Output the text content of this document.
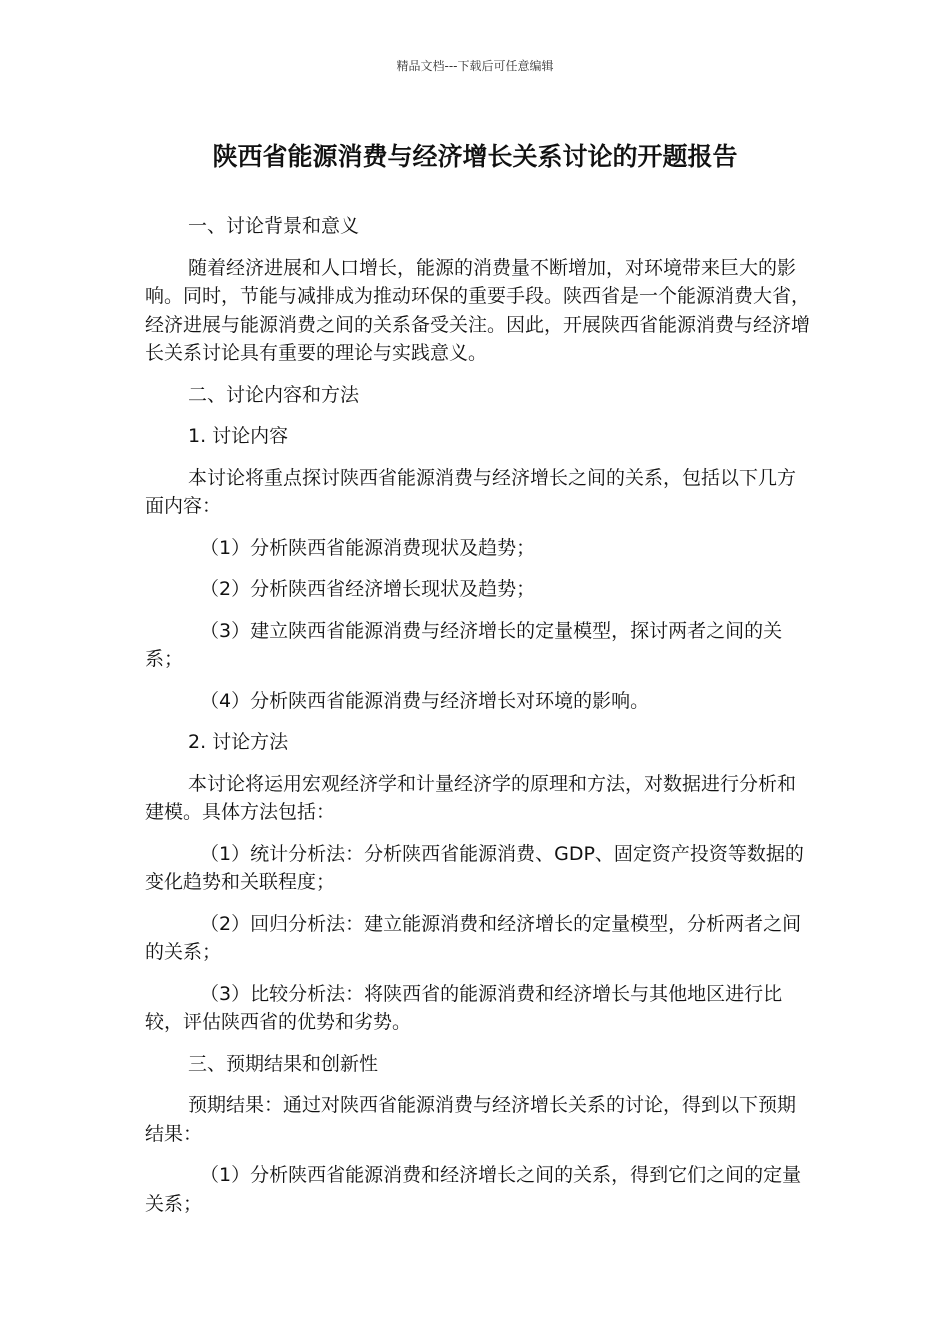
精品文档---下载后可任意编辑
陕西省能源消费与经济增长关系讨论的开题报告

一、讨论背景和意义

随着经济进展和人口增长，能源的消费量不断增加，对环境带来巨大的影响。同时，节能与减排成为推动环保的重要手段。陕西省是一个能源消费大省，经济进展与能源消费之间的关系备受关注。因此，开展陕西省能源消费与经济增长关系讨论具有重要的理论与实践意义。

二、讨论内容和方法

1. 讨论内容

本讨论将重点探讨陕西省能源消费与经济增长之间的关系，包括以下几方面内容：

（1）分析陕西省能源消费现状及趋势；

（2）分析陕西省经济增长现状及趋势；

（3）建立陕西省能源消费与经济增长的定量模型，探讨两者之间的关系；

（4）分析陕西省能源消费与经济增长对环境的影响。

2. 讨论方法

本讨论将运用宏观经济学和计量经济学的原理和方法，对数据进行分析和建模。具体方法包括：

（1）统计分析法：分析陕西省能源消费、GDP、固定资产投资等数据的变化趋势和关联程度；

（2）回归分析法：建立能源消费和经济增长的定量模型，分析两者之间的关系；

（3）比较分析法：将陕西省的能源消费和经济增长与其他地区进行比较，评估陕西省的优势和劣势。

三、预期结果和创新性

预期结果：通过对陕西省能源消费与经济增长关系的讨论，得到以下预期结果：

（1）分析陕西省能源消费和经济增长之间的关系，得到它们之间的定量关系；
